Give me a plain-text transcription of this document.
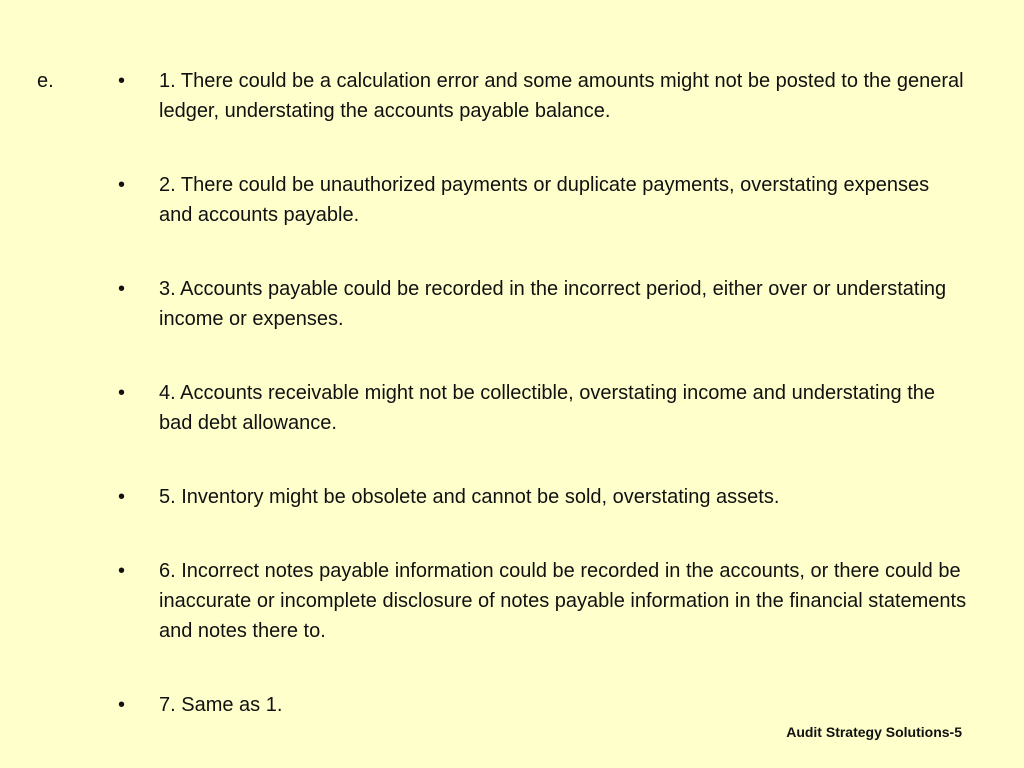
e.	•	1. There could be a calculation error and some amounts might not be posted to the general ledger, understating the accounts payable balance.
•	2. There could be unauthorized payments or duplicate payments, overstating expenses and accounts payable.
•	3. Accounts payable could be recorded in the incorrect period, either over or understating income or expenses.
•	4. Accounts receivable might not be collectible, overstating income and understating the bad debt allowance.
•	5. Inventory might be obsolete and cannot be sold, overstating assets.
•	6. Incorrect notes payable information could be recorded in the accounts, or there could be inaccurate or incomplete disclosure of notes payable information in the financial statements and notes there to.
•	7. Same as 1.
Audit Strategy Solutions-5
